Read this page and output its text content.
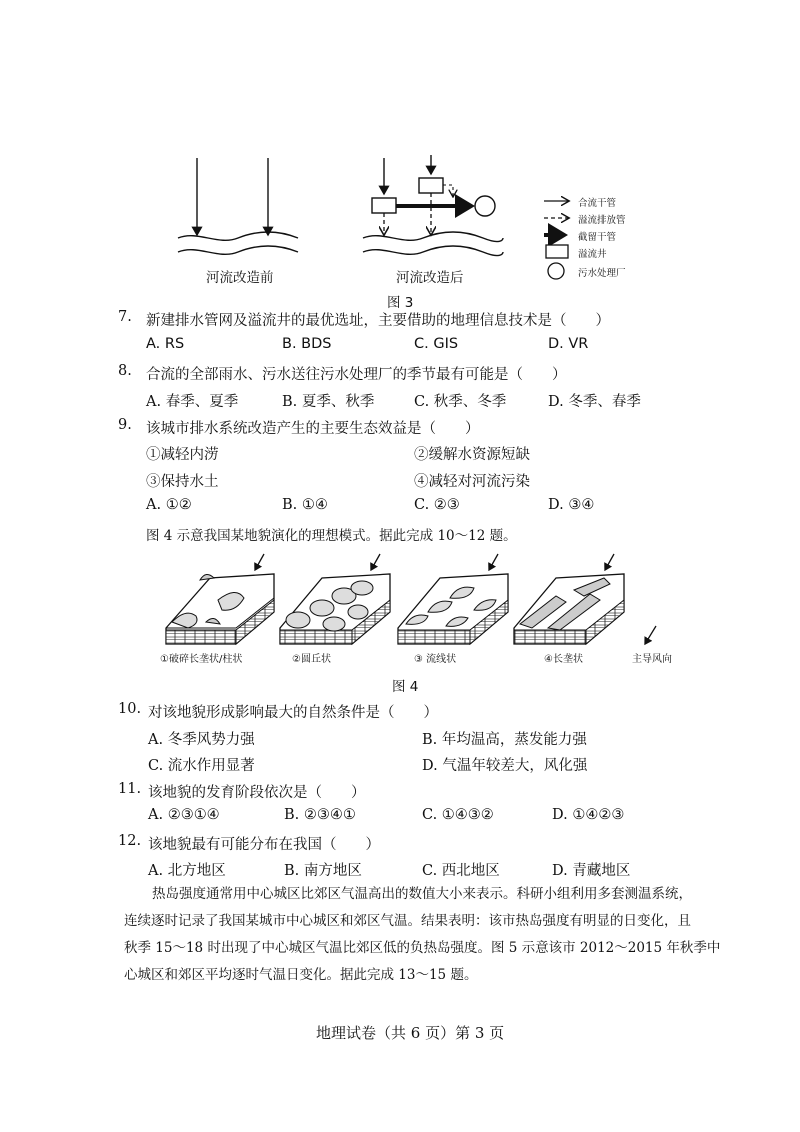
河流改造前	河流改造后
合流干管
溢流排放管
截留干管
溢流井
污水处理厂
图 3
7. 新建排水管网及溢流井的最优选址，主要借助的地理信息技术是（　　）
A. RS	B. BDS	C. GIS	D. VR
8. 合流的全部雨水、污水送往污水处理厂的季节最有可能是（　　）
A. 春季、夏季	B. 夏季、秋季	C. 秋季、冬季	D. 冬季、春季
9. 该城市排水系统改造产生的主要生态效益是（　　）
①减轻内涝	②缓解水资源短缺
③保持水土	④减轻对河流污染
A. ①②	B. ①④	C. ②③	D. ③④
图 4 示意我国某地貌演化的理想模式。据此完成 10～12 题。
①破碎长垄状/柱状	②圆丘状	③ 流线状	④长垄状	主导风向
图 4
10. 对该地貌形成影响最大的自然条件是（　　）
A. 冬季风势力强	B. 年均温高，蒸发能力强
C. 流水作用显著	D. 气温年较差大，风化强
11. 该地貌的发育阶段依次是（　　）
A. ②③①④	B. ②③④①	C. ①④③②	D. ①④②③
12. 该地貌最有可能分布在我国（　　）
A. 北方地区	B. 南方地区	C. 西北地区	D. 青藏地区
热岛强度通常用中心城区比郊区气温高出的数值大小来表示。科研小组利用多套测温系统，
连续逐时记录了我国某城市中心城区和郊区气温。结果表明：该市热岛强度有明显的日变化，且
秋季 15～18 时出现了中心城区气温比郊区低的负热岛强度。图 5 示意该市 2012～2015 年秋季中
心城区和郊区平均逐时气温日变化。据此完成 13～15 题。
地理试卷（共 6 页）第 3 页
